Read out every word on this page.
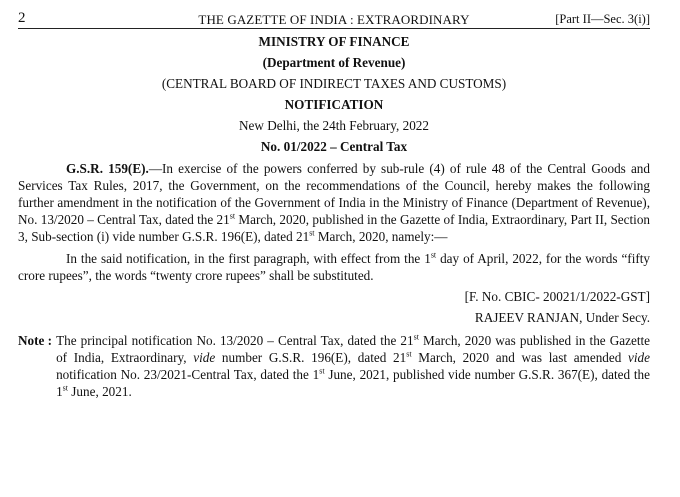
2	THE GAZETTE OF INDIA : EXTRAORDINARY	[Part II—Sec. 3(i)]
MINISTRY OF FINANCE
(Department of Revenue)
(CENTRAL BOARD OF INDIRECT TAXES AND CUSTOMS)
NOTIFICATION
New Delhi, the 24th February, 2022
No. 01/2022 – Central Tax

G.S.R. 159(E).—In exercise of the powers conferred by sub-rule (4) of rule 48 of the Central Goods and Services Tax Rules, 2017, the Government, on the recommendations of the Council, hereby makes the following further amendment in the notification of the Government of India in the Ministry of Finance (Department of Revenue), No. 13/2020 – Central Tax, dated the 21st March, 2020, published in the Gazette of India, Extraordinary, Part II, Section 3, Sub-section (i) vide number G.S.R. 196(E), dated 21st March, 2020, namely:—

In the said notification, in the first paragraph, with effect from the 1st day of April, 2022, for the words “fifty crore rupees”, the words “twenty crore rupees” shall be substituted.

[F. No. CBIC- 20021/1/2022-GST]
RAJEEV RANJAN, Under Secy.
Note : The principal notification No. 13/2020 – Central Tax, dated the 21st March, 2020 was published in the Gazette of India, Extraordinary, vide number G.S.R. 196(E), dated 21st March, 2020 and was last amended vide notification No. 23/2021-Central Tax, dated the 1st June, 2021, published vide number G.S.R. 367(E), dated the 1st June, 2021.
